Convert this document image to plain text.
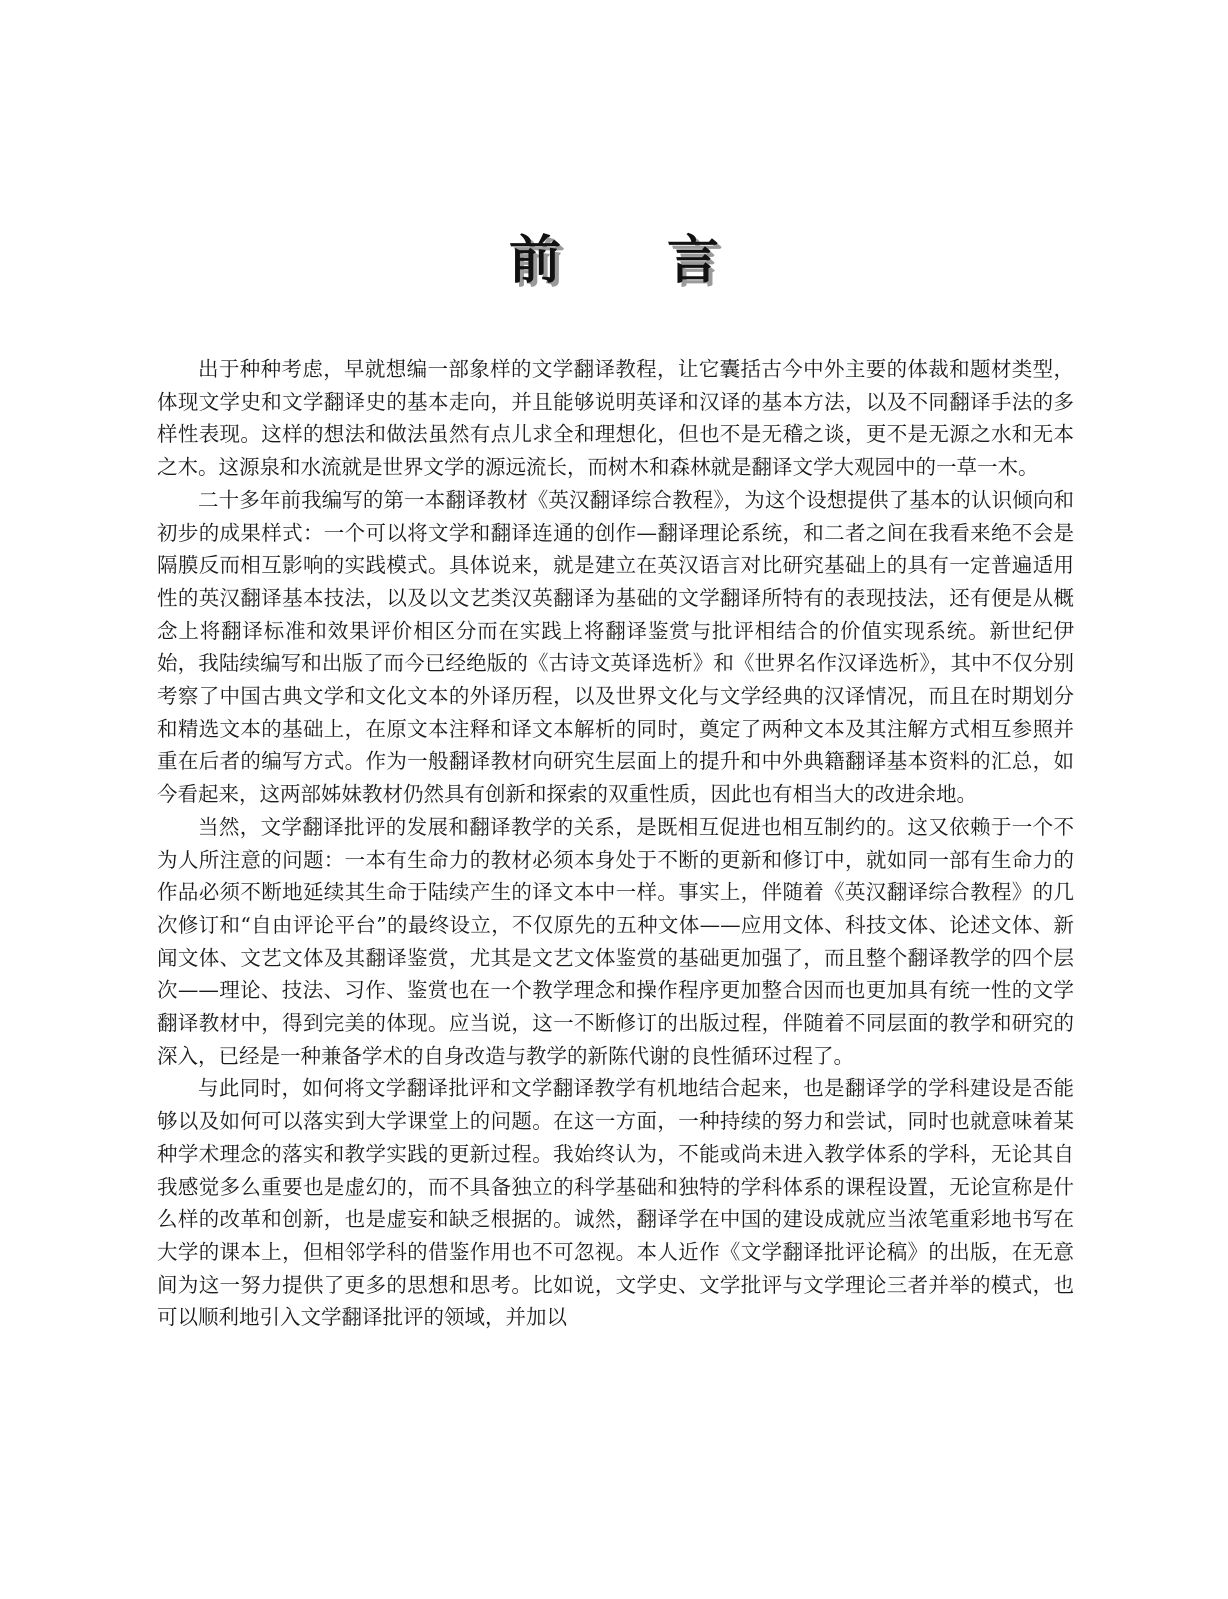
前 言

出于种种考虑，早就想编一部象样的文学翻译教程，让它囊括古今中外主要的体裁和题材类型，体现文学史和文学翻译史的基本走向，并且能够说明英译和汉译的基本方法，以及不同翻译手法的多样性表现。这样的想法和做法虽然有点儿求全和理想化，但也不是无稽之谈，更不是无源之水和无本之木。这源泉和水流就是世界文学的源远流长，而树木和森林就是翻译文学大观园中的一草一木。

二十多年前我编写的第一本翻译教材《英汉翻译综合教程》，为这个设想提供了基本的认识倾向和初步的成果样式：一个可以将文学和翻译连通的创作—翻译理论系统，和二者之间在我看来绝不会是隔膜反而相互影响的实践模式。具体说来，就是建立在英汉语言对比研究基础上的具有一定普遍适用性的英汉翻译基本技法，以及以文艺类汉英翻译为基础的文学翻译所特有的表现技法，还有便是从概念上将翻译标准和效果评价相区分而在实践上将翻译鉴赏与批评相结合的价值实现系统。新世纪伊始，我陆续编写和出版了而今已经绝版的《古诗文英译选析》和《世界名作汉译选析》，其中不仅分别考察了中国古典文学和文化文本的外译历程，以及世界文化与文学经典的汉译情况，而且在时期划分和精选文本的基础上，在原文本注释和译文本解析的同时，奠定了两种文本及其注解方式相互参照并重在后者的编写方式。作为一般翻译教材向研究生层面上的提升和中外典籍翻译基本资料的汇总，如今看起来，这两部姊妹教材仍然具有创新和探索的双重性质，因此也有相当大的改进余地。

当然，文学翻译批评的发展和翻译教学的关系，是既相互促进也相互制约的。这又依赖于一个不为人所注意的问题：一本有生命力的教材必须本身处于不断的更新和修订中，就如同一部有生命力的作品必须不断地延续其生命于陆续产生的译文本中一样。事实上，伴随着《英汉翻译综合教程》的几次修订和“自由评论平台”的最终设立，不仅原先的五种文体——应用文体、科技文体、论述文体、新闻文体、文艺文体及其翻译鉴赏，尤其是文艺文体鉴赏的基础更加强了，而且整个翻译教学的四个层次——理论、技法、习作、鉴赏也在一个教学理念和操作程序更加整合因而也更加具有统一性的文学翻译教材中，得到完美的体现。应当说，这一不断修订的出版过程，伴随着不同层面的教学和研究的深入，已经是一种兼备学术的自身改造与教学的新陈代谢的良性循环过程了。

与此同时，如何将文学翻译批评和文学翻译教学有机地结合起来，也是翻译学的学科建设是否能够以及如何可以落实到大学课堂上的问题。在这一方面，一种持续的努力和尝试，同时也就意味着某种学术理念的落实和教学实践的更新过程。我始终认为，不能或尚未进入教学体系的学科，无论其自我感觉多么重要也是虚幻的，而不具备独立的科学基础和独特的学科体系的课程设置，无论宣称是什么样的改革和创新，也是虚妄和缺乏根据的。诚然，翻译学在中国的建设成就应当浓笔重彩地书写在大学的课本上，但相邻学科的借鉴作用也不可忽视。本人近作《文学翻译批评论稿》的出版，在无意间为这一努力提供了更多的思想和思考。比如说，文学史、文学批评与文学理论三者并举的模式，也可以顺利地引入文学翻译批评的领域，并加以
